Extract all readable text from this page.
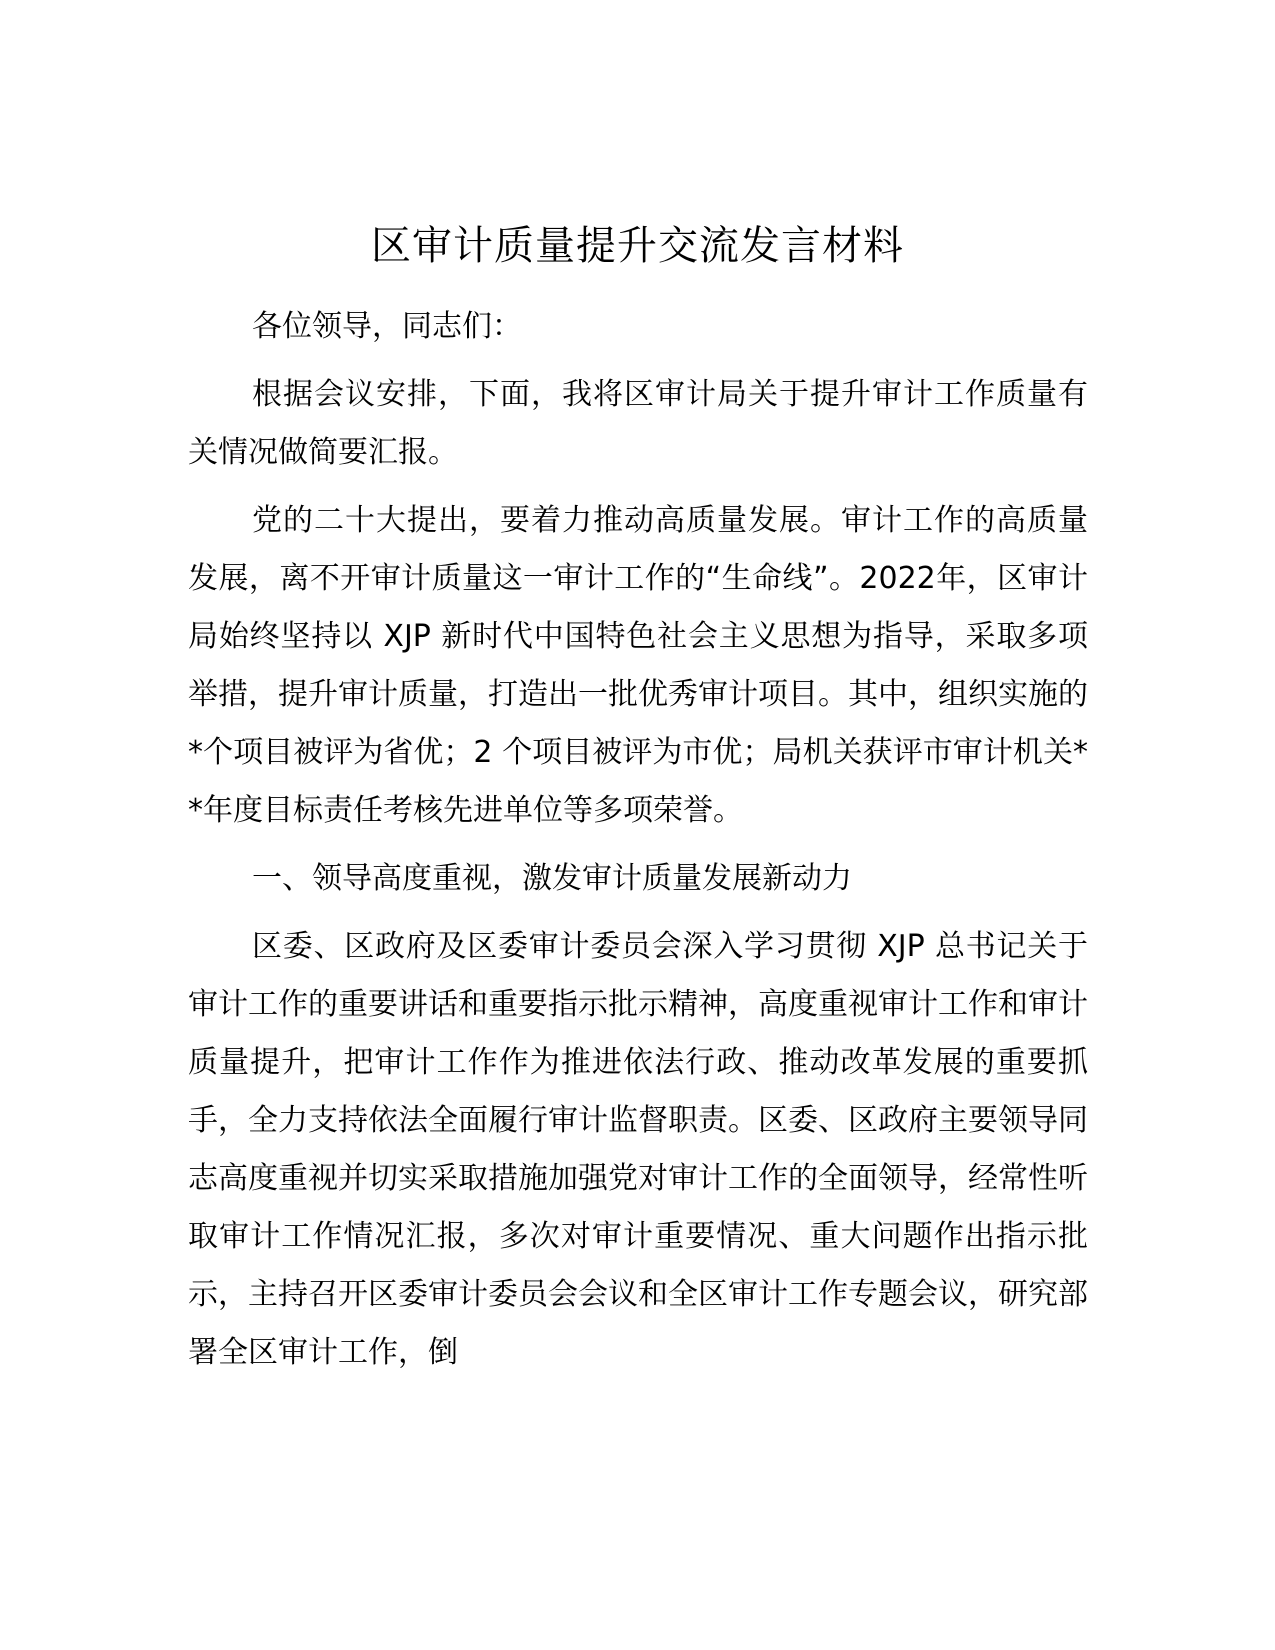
区审计质量提升交流发言材料

各位领导，同志们：

根据会议安排，下面，我将区审计局关于提升审计工作质量有关情况做简要汇报。

党的二十大提出，要着力推动高质量发展。审计工作的高质量发展，离不开审计质量这一审计工作的“生命线”。2022年，区审计局始终坚持以 XJP 新时代中国特色社会主义思想为指导，采取多项举措，提升审计质量，打造出一批优秀审计项目。其中，组织实施的*个项目被评为省优；2 个项目被评为市优；局机关获评市审计机关**年度目标责任考核先进单位等多项荣誉。

一、领导高度重视，激发审计质量发展新动力

区委、区政府及区委审计委员会深入学习贯彻 XJP 总书记关于审计工作的重要讲话和重要指示批示精神，高度重视审计工作和审计质量提升，把审计工作作为推进依法行政、推动改革发展的重要抓手，全力支持依法全面履行审计监督职责。区委、区政府主要领导同志高度重视并切实采取措施加强党对审计工作的全面领导，经常性听取审计工作情况汇报，多次对审计重要情况、重大问题作出指示批示，主持召开区委审计委员会会议和全区审计工作专题会议，研究部署全区审计工作，倒
